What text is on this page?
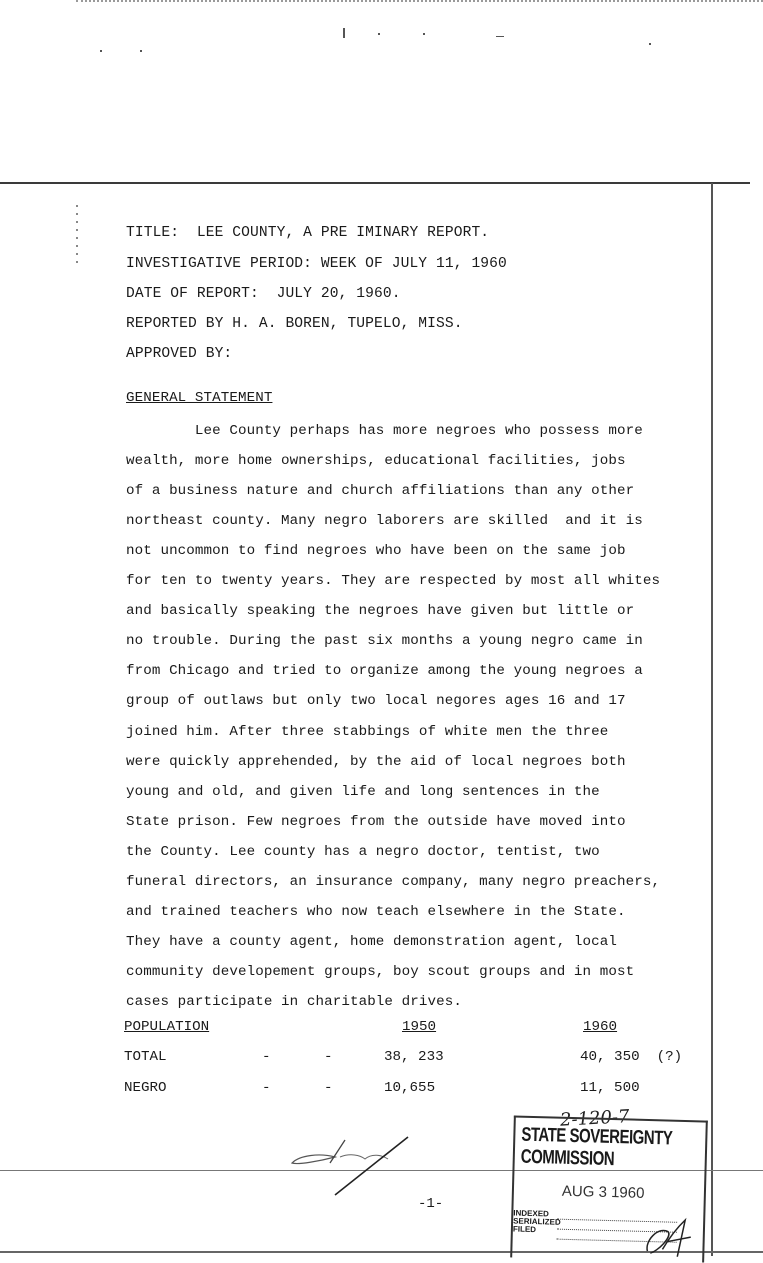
TITLE:  LEE COUNTY, A PRE IMINARY REPORT.
INVESTIGATIVE PERIOD: WEEK OF JULY 11, 1960
DATE OF REPORT:  JULY 20, 1960.
REPORTED BY H. A. BOREN, TUPELO, MISS.
APPROVED BY:
GENERAL STATEMENT
Lee County perhaps has more negroes who possess more
wealth, more home ownerships, educational facilities, jobs
of a business nature and church affiliations than any other
northeast county. Many negro laborers are skilled  and it is
not uncommon to find negroes who have been on the same job
for ten to twenty years. They are respected by most all whites
and basically speaking the negroes have given but little or
no trouble. During the past six months a young negro came in
from Chicago and tried to organize among the young negroes a
group of outlaws but only two local negores ages 16 and 17
joined him. After three stabbings of white men the three
were quickly apprehended, by the aid of local negroes both
young and old, and given life and long sentences in the
State prison. Few negroes from the outside have moved into
the County. Lee county has a negro doctor, tentist, two
funeral directors, an insurance company, many negro preachers,
and trained teachers who now teach elsewhere in the State.
They have a county agent, home demonstration agent, local
community developement groups, boy scout groups and in most
cases participate in charitable drives.
POPULATION	1950	1960
TOTAL	-	-	38, 233	40, 350  (?)
NEGRO	-	-	10,655	11, 500
-1-
2-120-7
STATE SOVEREIGNTY COMMISSION
AUG 3 1960
INDEXED
SERIALIZED
FILED
